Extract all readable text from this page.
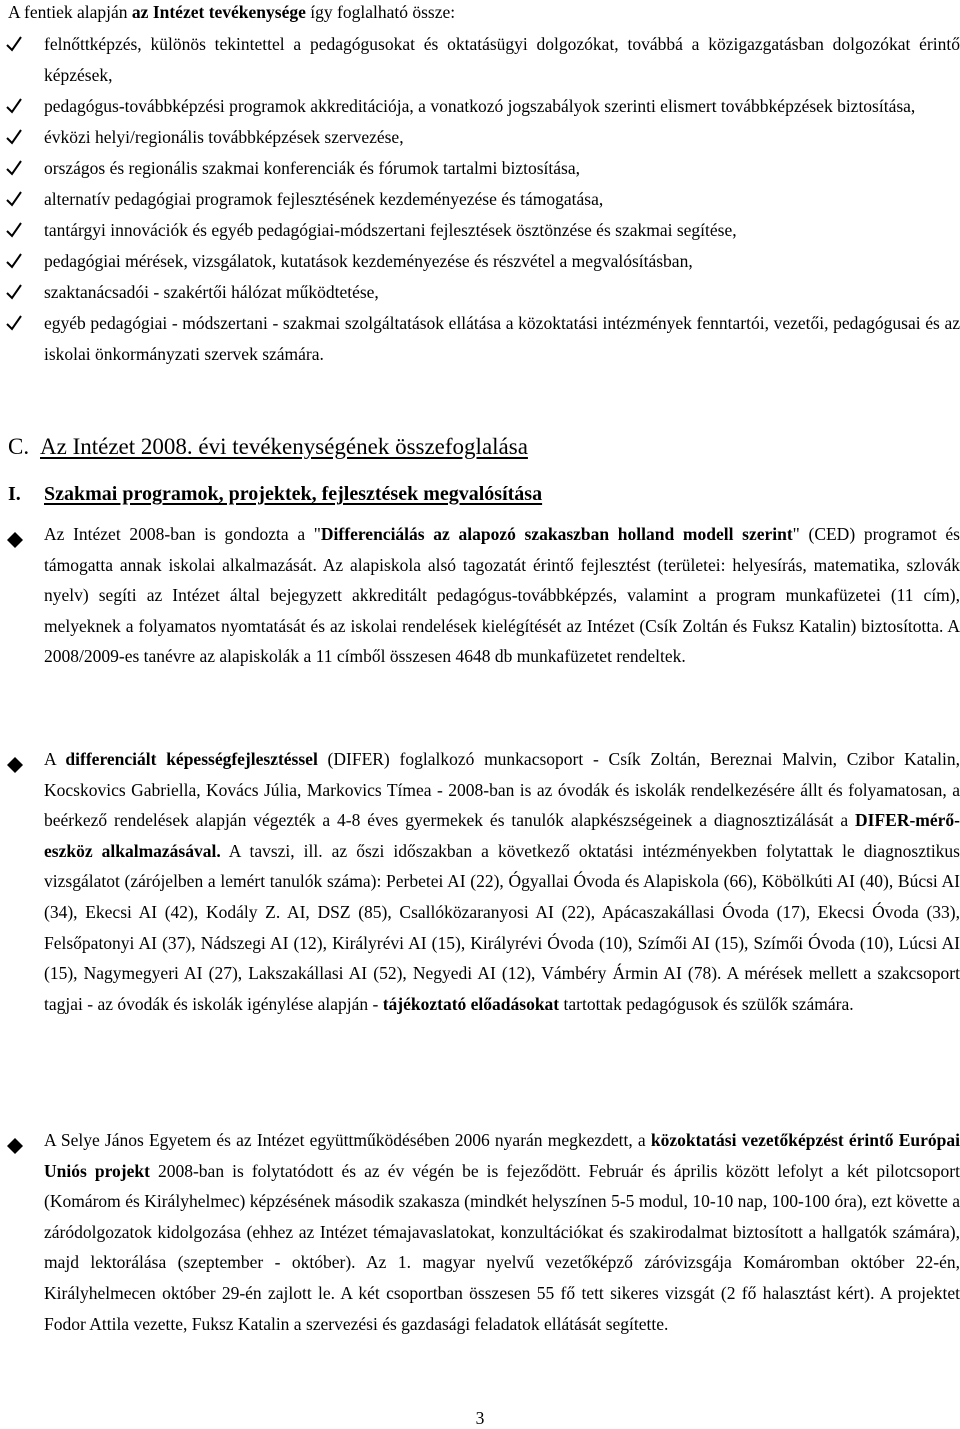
A fentiek alapján az Intézet tevékenysége így foglalható össze:
felnőttképzés, különös tekintettel a pedagógusokat és oktatásügyi dolgozókat, továbbá a közigazgatásban dolgozókat érintő képzések,
pedagógus-továbbképzési programok akkreditációja, a vonatkozó jogszabályok szerinti elismert továbbképzések biztosítása,
évközi helyi/regionális továbbképzések szervezése,
országos és regionális szakmai konferenciák és fórumok tartalmi biztosítása,
alternatív pedagógiai programok fejlesztésének kezdeményezése és támogatása,
tantárgyi innovációk és egyéb pedagógiai-módszertani fejlesztések ösztönzése és szakmai segítése,
pedagógiai mérések, vizsgálatok, kutatások kezdeményezése és részvétel a megvalósításban,
szaktanácsadói - szakértői hálózat működtetése,
egyéb pedagógiai - módszertani - szakmai szolgáltatások ellátása a közoktatási intézmények fenntartói, vezetői, pedagógusai és az iskolai önkormányzati szervek számára.
C. Az Intézet 2008. évi tevékenységének összefoglalása
I. Szakmai programok, projektek, fejlesztések megvalósítása

Az Intézet 2008-ban is gondozta a "Differenciálás az alapozó szakaszban holland modell szerint" (CED) programot és támogatta annak iskolai alkalmazását. Az alapiskola alsó tagozatát érintő fejlesztést (területei: helyesírás, matematika, szlovák nyelv) segíti az Intézet által bejegyzett akkreditált pedagógus-továbbképzés, valamint a program munkafüzetei (11 cím), melyeknek a folyamatos nyomtatását és az iskolai rendelések kielégítését az Intézet (Csík Zoltán és Fuksz Katalin) biztosította. A 2008/2009-es tanévre az alapiskolák a 11 címből összesen 4648 db munkafüzetet rendeltek.

A differenciált képességfejlesztéssel (DIFER) foglalkozó munkacsoport - Csík Zoltán, Bereznai Malvin, Czibor Katalin, Kocskovics Gabriella, Kovács Júlia, Markovics Tímea - 2008-ban is az óvodák és iskolák rendelkezésére állt és folyamatosan, a beérkező rendelések alapján végezték a 4-8 éves gyermekek és tanulók alapkészségeinek a diagnosztizálását a DIFER-mérő-eszköz alkalmazásával. A tavszi, ill. az őszi időszakban a következő oktatási intézményekben folytattak le diagnosztikus vizsgálatot (zárójelben a lemért tanulók száma): Perbetei AI (22), Ógyallai Óvoda és Alapiskola (66), Köbölkúti AI (40), Búcsi AI (34), Ekecsi AI (42), Kodály Z. AI, DSZ (85), Csallóközaranyosi AI (22), Apácaszakállasi Óvoda (17), Ekecsi Óvoda (33), Felsőpatonyi AI (37), Nádszegi AI (12), Királyrévi AI (15), Királyrévi Óvoda (10), Szímői AI (15), Szímői Óvoda (10), Lúcsi AI (15), Nagymegyeri AI (27), Lakszakállasi AI (52), Negyedi AI (12), Vámbéry Ármin AI (78). A mérések mellett a szakcsoport tagjai - az óvodák és iskolák igénylése alapján - tájékoztató előadásokat tartottak pedagógusok és szülők számára.

A Selye János Egyetem és az Intézet együttműködésében 2006 nyarán megkezdett, a közoktatási vezetőképzést érintő Európai Uniós projekt 2008-ban is folytatódott és az év végén be is fejeződött. Február és április között lefolyt a két pilotcsoport (Komárom és Királyhelmec) képzésének második szakasza (mindkét helyszínen 5-5 modul, 10-10 nap, 100-100 óra), ezt követte a záródolgozatok kidolgozása (ehhez az Intézet témajavaslatokat, konzultációkat és szakirodalmat biztosított a hallgatók számára), majd lektorálása (szeptember - október). Az 1. magyar nyelvű vezetőképző záróvizsgája Komáromban október 22-én, Királyhelmecen október 29-én zajlott le. A két csoportban összesen 55 fő tett sikeres vizsgát (2 fő halasztást kért). A projektet Fodor Attila vezette, Fuksz Katalin a szervezési és gazdasági feladatok ellátását segítette.

3
